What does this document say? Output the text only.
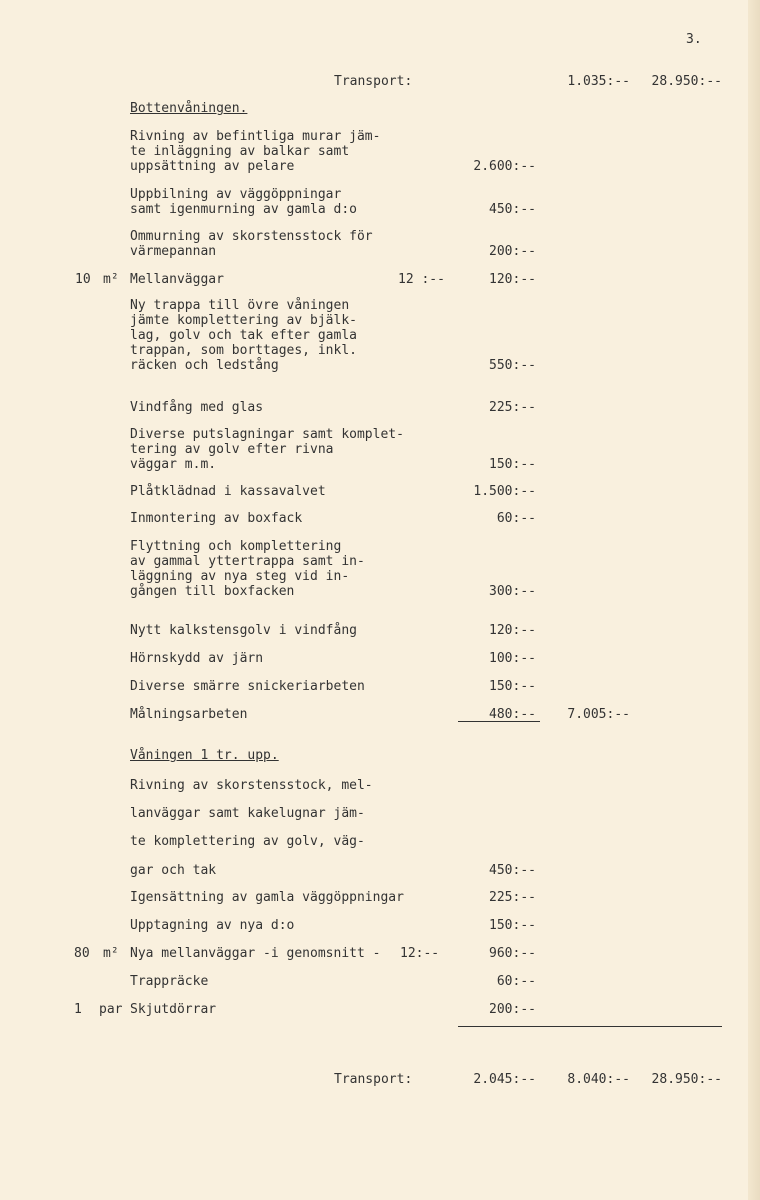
3.
Transport:	1.035:--	28.950:--
Bottenvåningen.
Rivning av befintliga murar jäm-
te inläggning av balkar samt
uppsättning av pelare	2.600:--
Uppbilning av väggöppningar
samt igenmurning av gamla d:o	450:--
Ommurning av skorstensstock för
värmepannan	200:--
10 m² Mellanväggar	12 :--	120:--
Ny trappa till övre våningen
jämte komplettering av bjälk-
lag, golv och tak efter gamla
trappan, som borttages, inkl.
räcken och ledstång	550:--
Vindfång med glas	225:--
Diverse putslagningar samt komplet-
tering av golv efter rivna
väggar m.m.	150:--
Plåtklädnad i kassavalvet	1.500:--
Inmontering av boxfack	60:--
Flyttning och komplettering
av gammal yttertrappa samt in-
läggning av nya steg vid in-
gången till boxfacken	300:--
Nytt kalkstensgolv i vindfång	120:--
Hörnskydd av järn	100:--
Diverse smärre snickeriarbeten	150:--
Målningsarbeten	480:--	7.005:--
Våningen 1 tr. upp.
Rivning av skorstensstock, mel-
lanväggar samt kakelugnar jäm-
te komplettering av golv, väg-
gar och tak	450:--
Igensättning av gamla väggöppningar	225:--
Upptagning av nya d:o	150:--
80 m² Nya mellanväggar -i genomsnitt - 12:--	960:--
Trappräcke	60:--
1 par Skjutdörrar	200:--
Transport:	2.045:--	8.040:--	28.950:--
